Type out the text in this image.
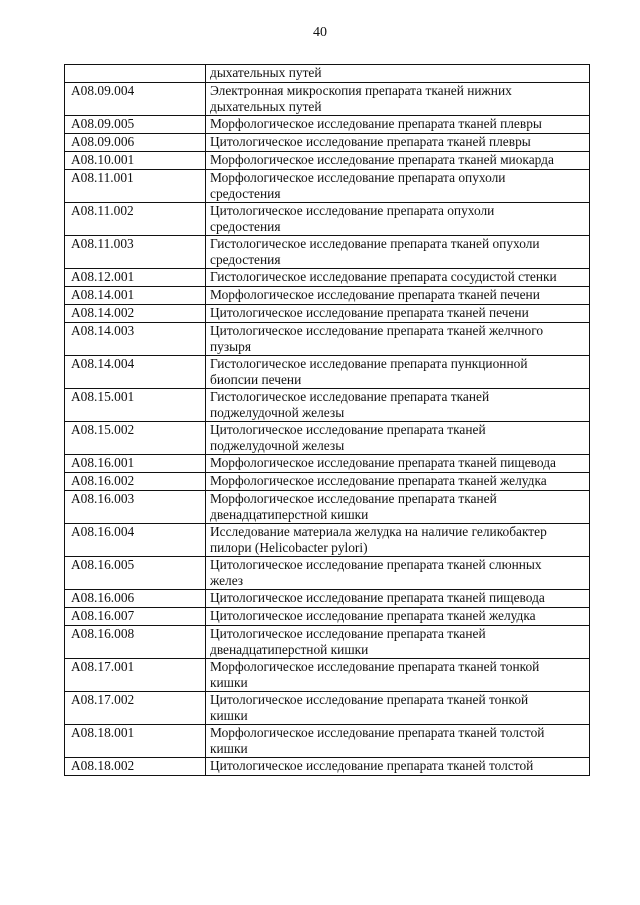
40
	дыхательных путей
A08.09.004	Электронная микроскопия препарата тканей нижних
дыхательных путей
A08.09.005	Морфологическое исследование препарата тканей плевры
A08.09.006	Цитологическое исследование препарата тканей плевры
A08.10.001	Морфологическое исследование препарата тканей миокарда
A08.11.001	Морфологическое исследование препарата опухоли
средостения
A08.11.002	Цитологическое исследование препарата опухоли
средостения
A08.11.003	Гистологическое исследование препарата тканей опухоли
средостения
A08.12.001	Гистологическое исследование препарата сосудистой стенки
A08.14.001	Морфологическое исследование препарата тканей печени
A08.14.002	Цитологическое исследование препарата тканей печени
A08.14.003	Цитологическое исследование препарата тканей желчного
пузыря
A08.14.004	Гистологическое исследование препарата пункционной
биопсии печени
A08.15.001	Гистологическое исследование препарата тканей
поджелудочной железы
A08.15.002	Цитологическое исследование препарата тканей
поджелудочной железы
A08.16.001	Морфологическое исследование препарата тканей пищевода
A08.16.002	Морфологическое исследование препарата тканей желудка
A08.16.003	Морфологическое исследование препарата тканей
двенадцатиперстной кишки
A08.16.004	Исследование материала желудка на наличие геликобактер
пилори (Helicobacter pylori)
A08.16.005	Цитологическое исследование препарата тканей слюнных
желез
A08.16.006	Цитологическое исследование препарата тканей пищевода
A08.16.007	Цитологическое исследование препарата тканей желудка
A08.16.008	Цитологическое исследование препарата тканей
двенадцатиперстной кишки
A08.17.001	Морфологическое исследование препарата тканей тонкой
кишки
A08.17.002	Цитологическое исследование препарата тканей тонкой
кишки
A08.18.001	Морфологическое исследование препарата тканей толстой
кишки
A08.18.002	Цитологическое исследование препарата тканей толстой
